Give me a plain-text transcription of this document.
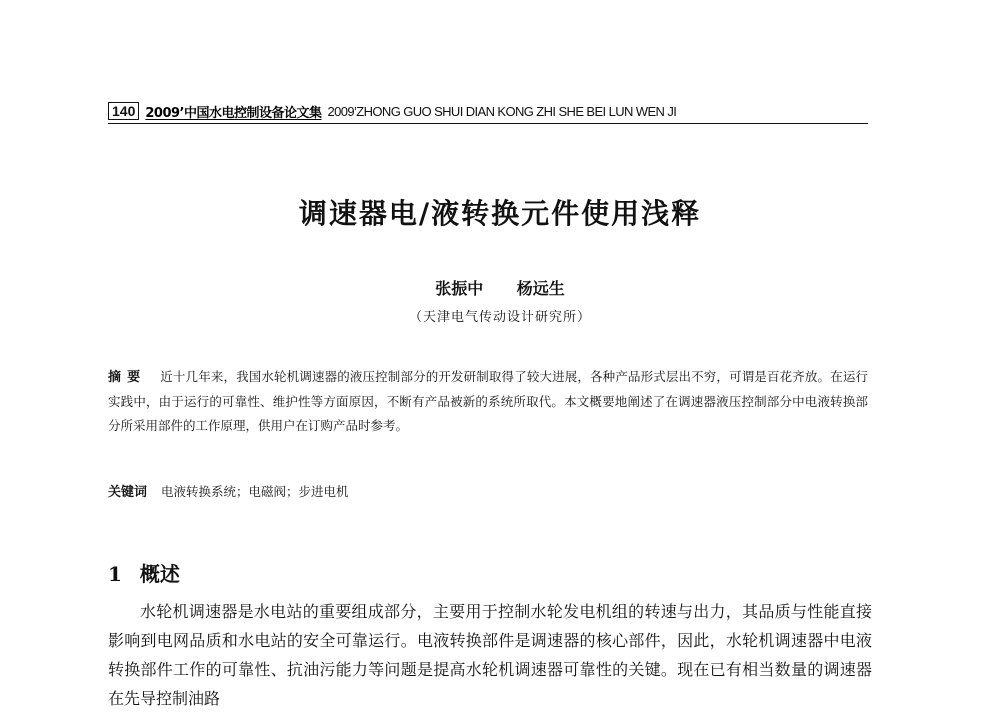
140 2009’中国水电控制设备论文集 2009’ZHONG GUO SHUI DIAN KONG ZHI SHE BEI LUN WEN JI
调速器电/液转换元件使用浅释
张振中 杨远生
（天津电气传动设计研究所）
摘要 近十几年来，我国水轮机调速器的液压控制部分的开发研制取得了较大进展，各种产品形式层出不穷，可谓是百花齐放。在运行实践中，由于运行的可靠性、维护性等方面原因，不断有产品被新的系统所取代。本文概要地阐述了在调速器液压控制部分中电液转换部分所采用部件的工作原理，供用户在订购产品时参考。
关键词 电液转换系统；电磁阀；步进电机
1 概述

水轮机调速器是水电站的重要组成部分，主要用于控制水轮发电机组的转速与出力，其品质与性能直接影响到电网品质和水电站的安全可靠运行。电液转换部件是调速器的核心部件，因此，水轮机调速器中电液转换部件工作的可靠性、抗油污能力等问题是提高水轮机调速器可靠性的关键。现在已有相当数量的调速器在先导控制油路
